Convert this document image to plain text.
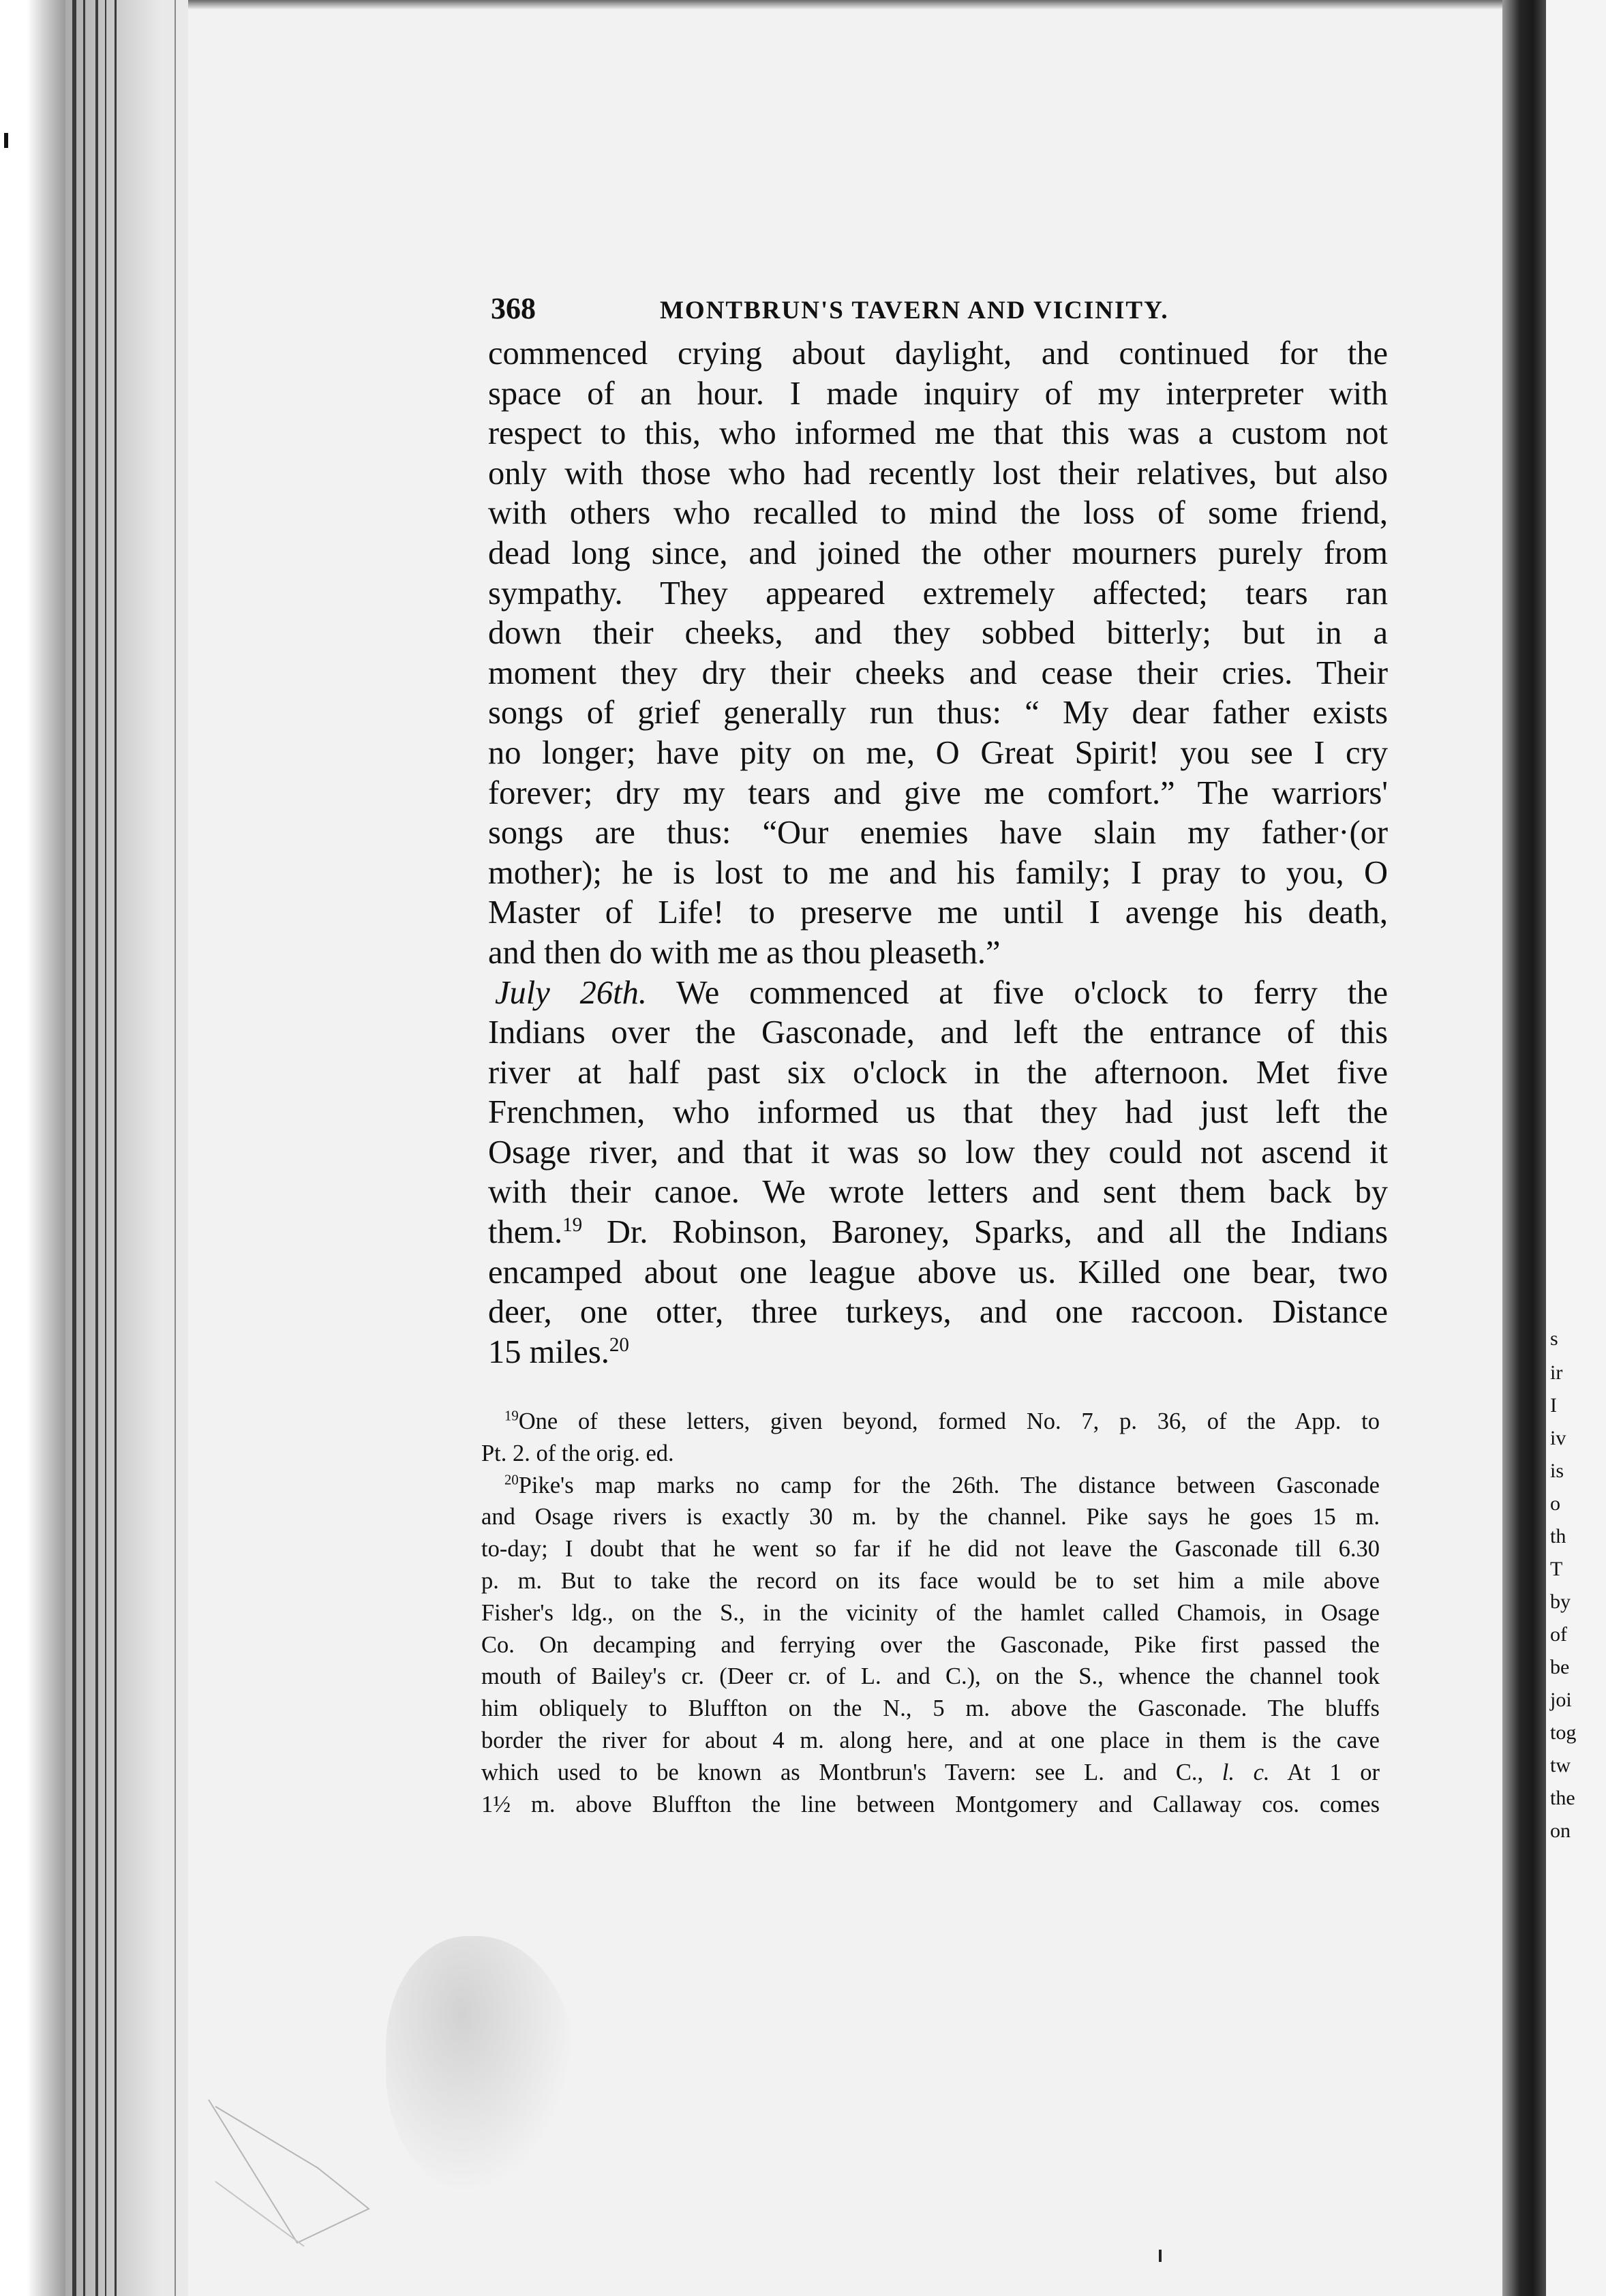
s
ir
I
iv
is
o
th
T
by
of
be
joi
tog
tw
the
on
368	MONTBRUN'S TAVERN AND VICINITY.
commenced crying about daylight, and continued for the
space of an hour. I made inquiry of my interpreter with
respect to this, who informed me that this was a custom not
only with those who had recently lost their relatives, but also
with others who recalled to mind the loss of some friend,
dead long since, and joined the other mourners purely from
sympathy. They appeared extremely affected; tears ran
down their cheeks, and they sobbed bitterly; but in a
moment they dry their cheeks and cease their cries. Their
songs of grief generally run thus: “ My dear father exists
no longer; have pity on me, O Great Spirit! you see I cry
forever; dry my tears and give me comfort.” The warriors'
songs are thus: “Our enemies have slain my father·(or
mother); he is lost to me and his family; I pray to you, O
Master of Life! to preserve me until I avenge his death,
and then do with me as thou pleaseth.”
July 26th. We commenced at five o'clock to ferry the
Indians over the Gasconade, and left the entrance of this
river at half past six o'clock in the afternoon. Met five
Frenchmen, who informed us that they had just left the
Osage river, and that it was so low they could not ascend it
with their canoe. We wrote letters and sent them back by
them.$^{19}$ Dr. Robinson, Baroney, Sparks, and all the Indians
encamped about one league above us. Killed one bear, two
deer, one otter, three turkeys, and one raccoon. Distance
15 miles.$^{20}$
$^{19}$One of these letters, given beyond, formed No. 7, p. 36, of the App. to
Pt. 2. of the orig. ed.
$^{20}$Pike's map marks no camp for the 26th. The distance between Gasconade
and Osage rivers is exactly 30 m. by the channel. Pike says he goes 15 m.
to-day; I doubt that he went so far if he did not leave the Gasconade till 6.30
p. m. But to take the record on its face would be to set him a mile above
Fisher's ldg., on the S., in the vicinity of the hamlet called Chamois, in Osage
Co. On decamping and ferrying over the Gasconade, Pike first passed the
mouth of Bailey's cr. (Deer cr. of L. and C.), on the S., whence the channel took
him obliquely to Bluffton on the N., 5 m. above the Gasconade. The bluffs
border the river for about 4 m. along here, and at one place in them is the cave
which used to be known as Montbrun's Tavern: see L. and C., l. c. At 1 or
1½ m. above Bluffton the line between Montgomery and Callaway cos. comes
